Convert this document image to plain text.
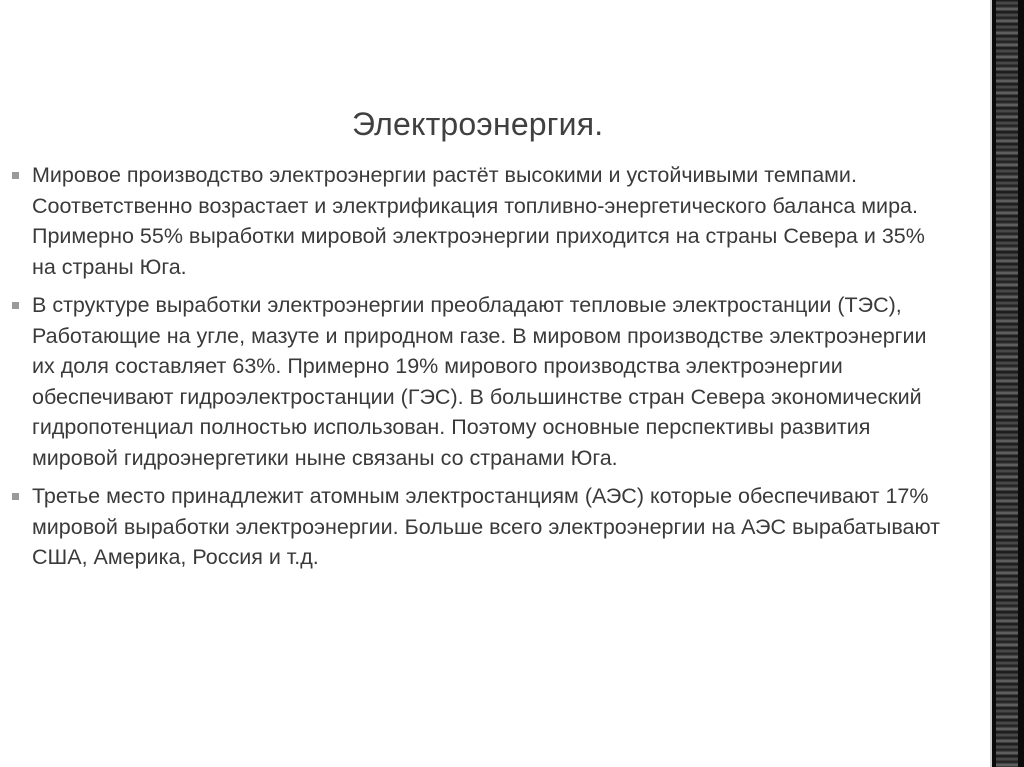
Электроэнергия.
Мировое производство электроэнергии растёт высокими и устойчивыми темпами. Соответственно возрастает и электрификация топливно-энергетического баланса мира. Примерно 55% выработки мировой электроэнергии приходится на страны Севера и 35% на страны Юга.
В структуре выработки электроэнергии преобладают тепловые электростанции (ТЭС), Работающие на угле, мазуте и природном газе. В мировом производстве электроэнергии их доля составляет 63%. Примерно 19% мирового производства электроэнергии обеспечивают гидроэлектростанции (ГЭС). В большинстве стран Севера экономический гидропотенциал полностью использован. Поэтому основные перспективы развития мировой гидроэнергетики ныне связаны со странами Юга.
Третье место принадлежит атомным электростанциям (АЭС) которые обеспечивают 17% мировой выработки электроэнергии. Больше всего электроэнергии на АЭС вырабатывают США, Америка, Россия и т.д.
